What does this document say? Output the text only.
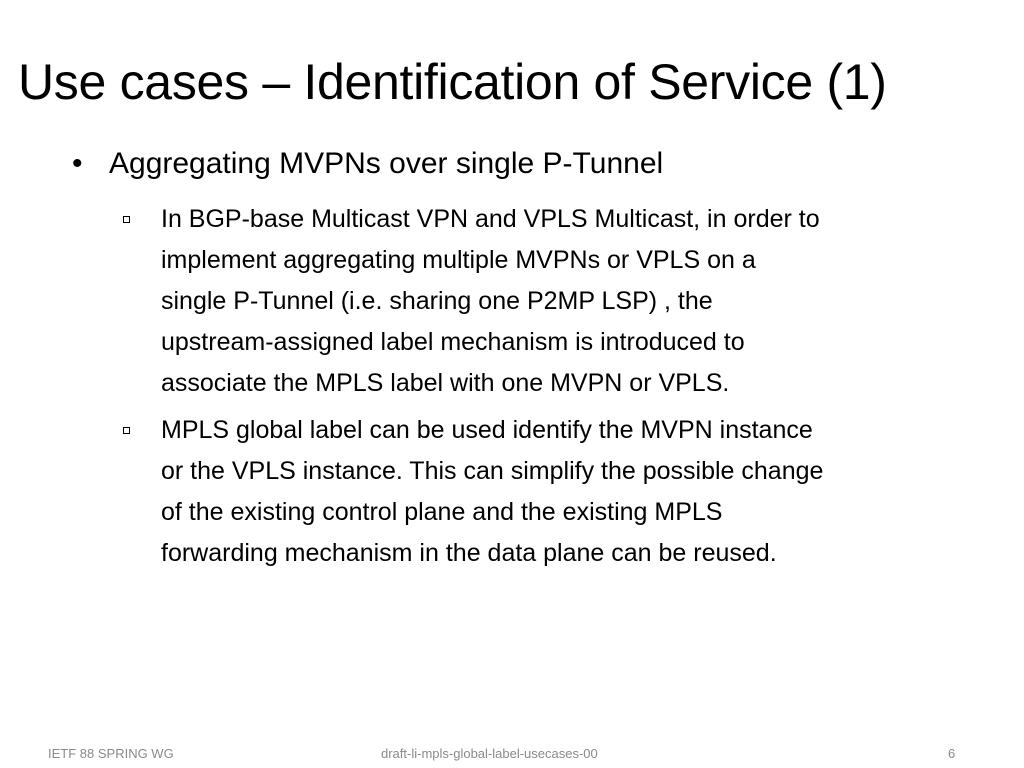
Use cases – Identification of Service (1)
• Aggregating MVPNs over single P-Tunnel
In BGP-base Multicast VPN and VPLS Multicast, in order to
implement aggregating multiple MVPNs or VPLS on a
single P-Tunnel (i.e. sharing one P2MP LSP) , the
upstream-assigned label mechanism is introduced to
associate the MPLS label with one MVPN or VPLS.
MPLS global label can be used identify the MVPN instance
or the VPLS instance. This can simplify the possible change
of the existing control plane and the existing MPLS
forwarding mechanism in the data plane can be reused.
IETF 88 SPRING WG	draft-li-mpls-global-label-usecases-00	6
